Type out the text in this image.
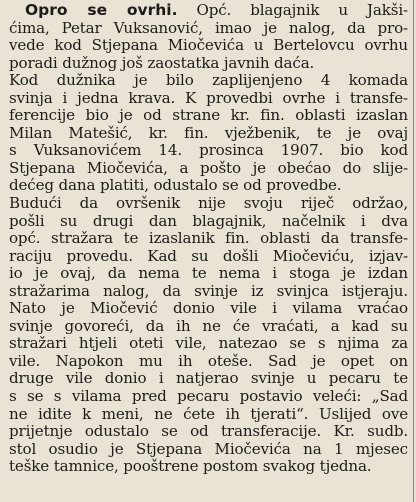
Opro se ovrhi. Opć. blagajnik u Jakši-
ćima, Petar Vuksanović, imao je nalog, da pro-
vede kod Stjepana Miočevića u Bertelovcu ovrhu
poradi dužnog još zaostatka javnih daća.
Kod dužnika je bilo zaplijenjeno 4 komada
svinja i jedna krava. K provedbi ovrhe i transfe-
ferencije bio je od strane kr. fin. oblasti izaslan
Milan Matešić, kr. fin. vježbenik, te je ovaj
s Vuksanovićem 14. prosinca 1907. bio kod
Stjepana Miočevića, a pošto je obećao do slije-
dećeg dana platiti, odustalo se od provedbe.
Budući da ovršenik nije svoju riječ održao,
pošli su drugi dan blagajnik, načelnik i dva
opć. stražara te izaslanik fin. oblasti da transfe-
raciju provedu. Kad su došli Miočeviću, izjav-
io je ovaj, da nema te nema i stoga je izdan
stražarima nalog, da svinje iz svinjca istjeraju.
Nato je Miočević donio vile i vilama vraćao
svinje govoreći, da ih ne će vraćati, a kad su
stražari htjeli oteti vile, natezao se s njima za
vile. Napokon mu ih oteše. Sad je opet on
druge vile donio i natjerao svinje u pecaru te
s se s vilama pred pecaru postavio veleći: „Sad
ne idite k meni, ne ćete ih tjerati“. Uslijed ove
prijetnje odustalo se od transferacije. Kr. sudb.
stol osudio je Stjepana Miočevića na 1 mjesec
teške tamnice, pooštrene postom svakog tjedna.
